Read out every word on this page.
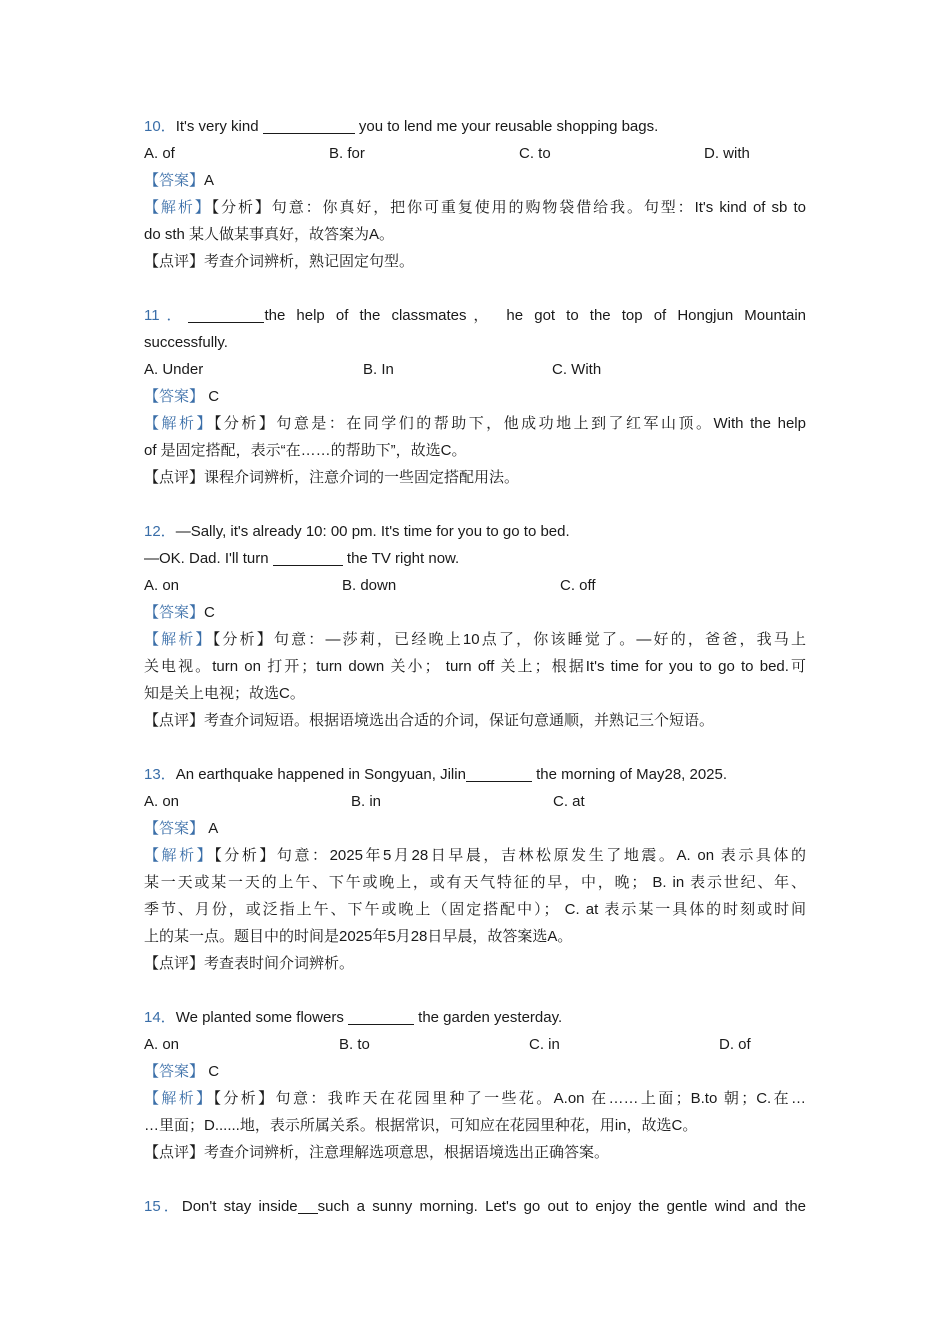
10．It's very kind	you to lend me your reusable shopping bags.
A. of	B. for	C. to	D. with
【答案】A
【解析】【分析】句意：你真好，把你可重复使用的购物袋借给我。句型：It's kind of sb to
do sth 某人做某事真好，故答案为A。
【点评】考查介词辨析，熟记固定句型。
11．	the help of the classmates， he got to the top of Hongjun Mountain
successfully.
A. Under	B. In	C. With
【答案】 C
【解析】【分析】句意是：在同学们的帮助下，他成功地上到了红军山顶。With the help
of 是固定搭配，表示“在……的帮助下”，故选C。
【点评】课程介词辨析，注意介词的一些固定搭配用法。
12．—Sally, it's already 10: 00 pm. It's time for you to go to bed.
—OK. Dad. I'll turn	the TV right now.
A. on	B. down	C. off
【答案】C
【解析】【分析】句意：—莎莉，已经晚上10点了，你该睡觉了。—好的，爸爸，我马上
关电视。turn on 打开；turn down 关小； turn off 关上；根据It's time for you to go to bed.可
知是关上电视；故选C。
【点评】考查介词短语。根据语境选出合适的介词，保证句意通顺，并熟记三个短语。
13．An earthquake happened in Songyuan, Jilin	the morning of May28, 2025.
A. on	B. in	C. at
【答案】 A
【解析】【分析】句意：2025年5月28日早晨，吉林松原发生了地震。A. on 表示具体的
某一天或某一天的上午、下午或晚上，或有天气特征的早，中，晚； B. in 表示世纪、年、
季节、月份，或泛指上午、下午或晚上（固定搭配中）； C. at 表示某一具体的时刻或时间
上的某一点。题目中的时间是2025年5月28日早晨，故答案选A。
【点评】考查表时间介词辨析。
14．We planted some flowers	the garden yesterday.
A. on	B. to	C. in	D. of
【答案】 C
【解析】【分析】句意：我昨天在花园里种了一些花。A.on 在……上面；B.to 朝；C.在…
…里面；D......地，表示所属关系。根据常识，可知应在花园里种花，用in，故选C。
【点评】考查介词辨析，注意理解选项意思，根据语境选出正确答案。
15．Don't stay inside such a sunny morning. Let's go out to enjoy the gentle wind and the
